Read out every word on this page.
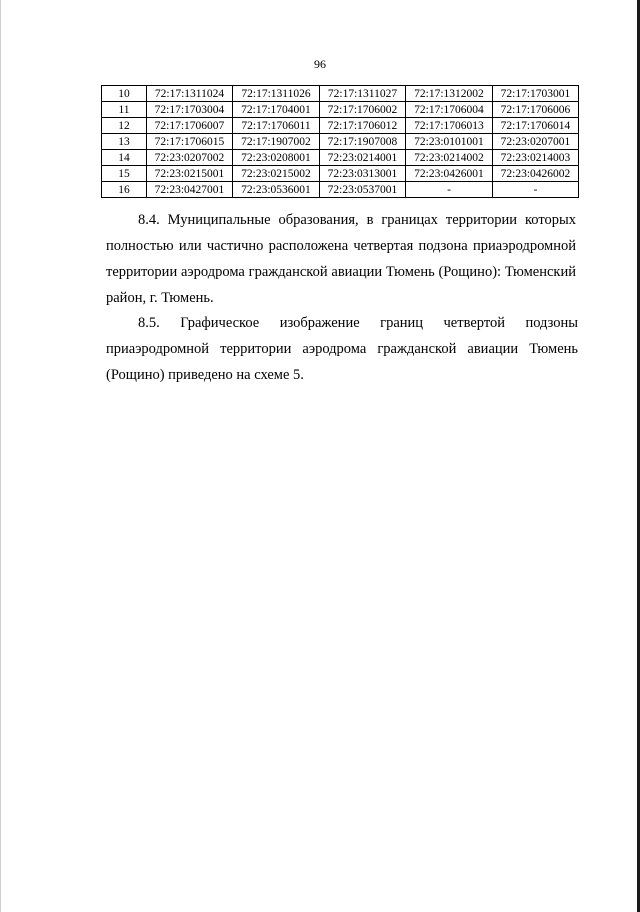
96
10	72:17:1311024	72:17:1311026	72:17:1311027	72:17:1312002	72:17:1703001
11	72:17:1703004	72:17:1704001	72:17:1706002	72:17:1706004	72:17:1706006
12	72:17:1706007	72:17:1706011	72:17:1706012	72:17:1706013	72:17:1706014
13	72:17:1706015	72:17:1907002	72:17:1907008	72:23:0101001	72:23:0207001
14	72:23:0207002	72:23:0208001	72:23:0214001	72:23:0214002	72:23:0214003
15	72:23:0215001	72:23:0215002	72:23:0313001	72:23:0426001	72:23:0426002
16	72:23:0427001	72:23:0536001	72:23:0537001	-	-
8.4. Муниципальные образования, в границах территории которых полностью или частично расположена четвертая подзона приаэродромной территории аэродрома гражданской авиации Тюмень (Рощино): Тюменский район, г. Тюмень.
8.5. Графическое изображение границ четвертой подзоны приаэродромной территории аэродрома гражданской авиации Тюмень (Рощино) приведено на схеме 5.
